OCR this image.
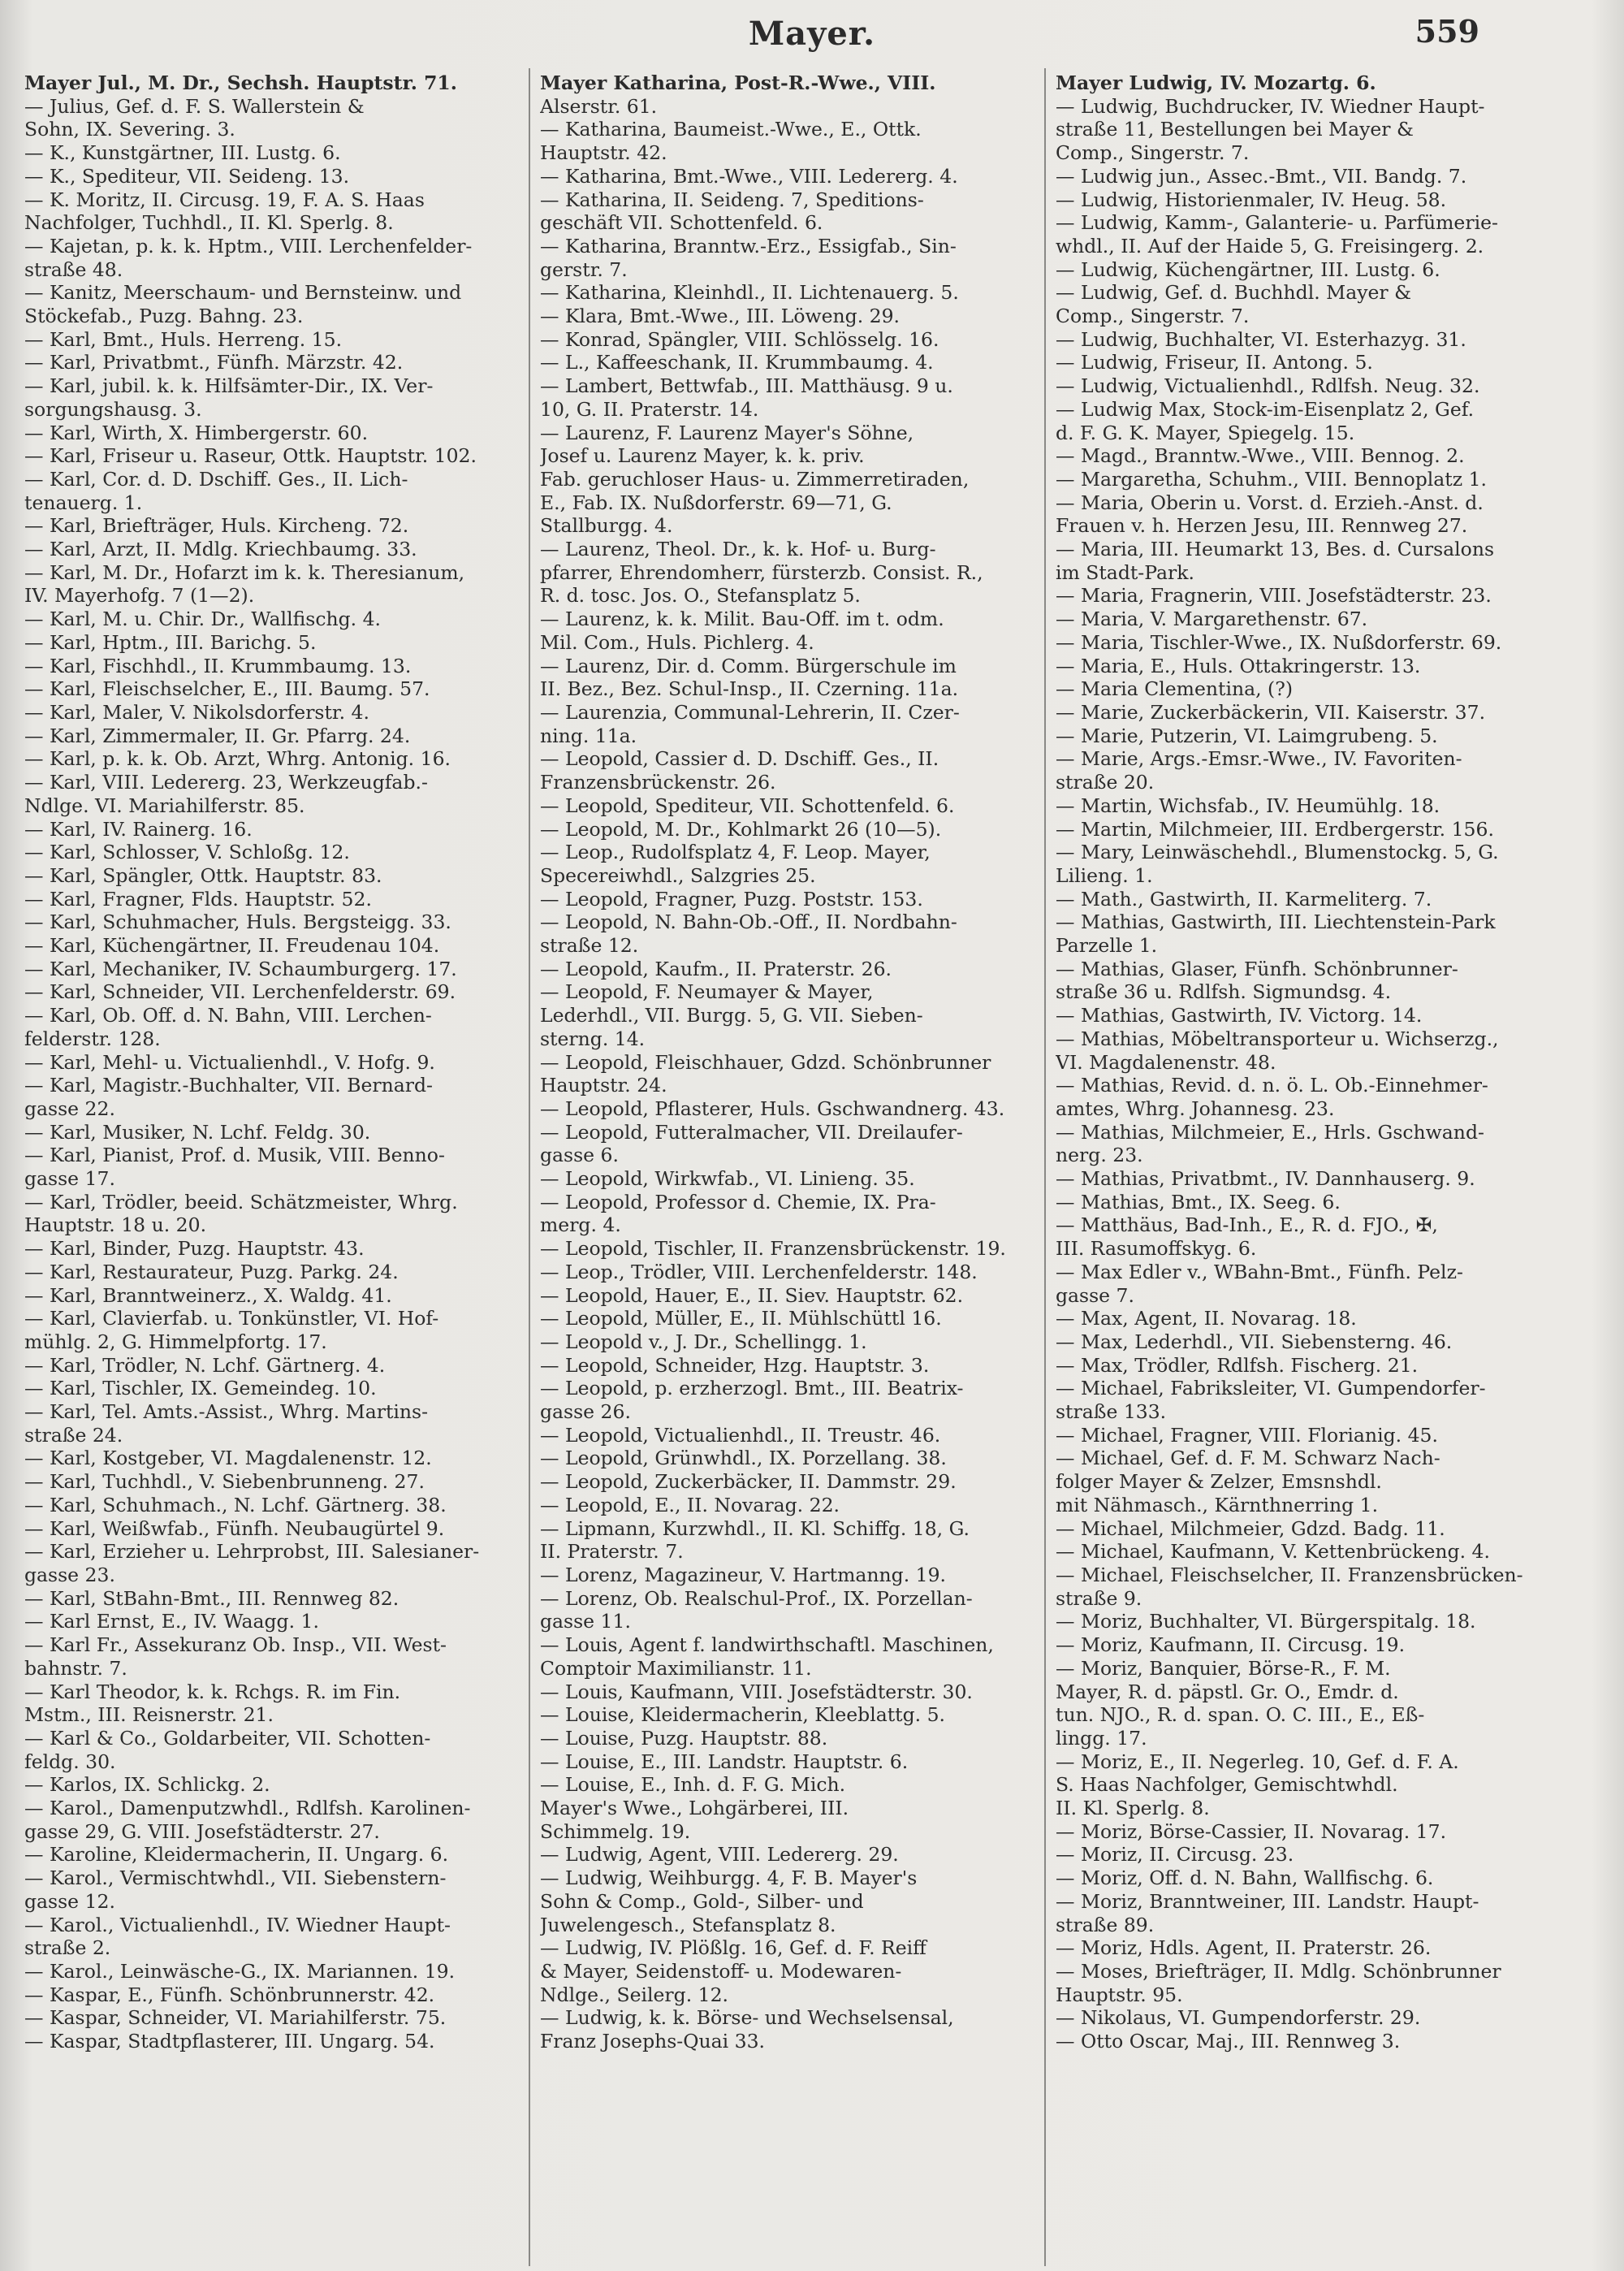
Mayer.	559
Mayer Jul., M. Dr., Sechsh. Hauptstr. 71.
— Julius, Gef. d. F. S. Wallerstein &
Sohn, IX. Severing. 3.
— K., Kunstgärtner, III. Lustg. 6.
— K., Spediteur, VII. Seideng. 13.
— K. Moritz, II. Circusg. 19, F. A. S. Haas
Nachfolger, Tuchhdl., II. Kl. Sperlg. 8.
— Kajetan, p. k. k. Hptm., VIII. Lerchenfelder-
straße 48.
— Kanitz, Meerschaum- und Bernsteinw. und
Stöckefab., Puzg. Bahng. 23.
— Karl, Bmt., Huls. Herreng. 15.
— Karl, Privatbmt., Fünfh. Märzstr. 42.
— Karl, jubil. k. k. Hilfsämter-Dir., IX. Ver-
sorgungshausg. 3.
— Karl, Wirth, X. Himbergerstr. 60.
— Karl, Friseur u. Raseur, Ottk. Hauptstr. 102.
— Karl, Cor. d. D. Dschiff. Ges., II. Lich-
tenauerg. 1.
— Karl, Briefträger, Huls. Kircheng. 72.
— Karl, Arzt, II. Mdlg. Kriechbaumg. 33.
— Karl, M. Dr., Hofarzt im k. k. Theresianum,
IV. Mayerhofg. 7 (1—2).
— Karl, M. u. Chir. Dr., Wallfischg. 4.
— Karl, Hptm., III. Barichg. 5.
— Karl, Fischhdl., II. Krummbaumg. 13.
— Karl, Fleischselcher, E., III. Baumg. 57.
— Karl, Maler, V. Nikolsdorferstr. 4.
— Karl, Zimmermaler, II. Gr. Pfarrg. 24.
— Karl, p. k. k. Ob. Arzt, Whrg. Antonig. 16.
— Karl, VIII. Ledererg. 23, Werkzeugfab.-
Ndlge. VI. Mariahilferstr. 85.
— Karl, IV. Rainerg. 16.
— Karl, Schlosser, V. Schloßg. 12.
— Karl, Spängler, Ottk. Hauptstr. 83.
— Karl, Fragner, Flds. Hauptstr. 52.
— Karl, Schuhmacher, Huls. Bergsteigg. 33.
— Karl, Küchengärtner, II. Freudenau 104.
— Karl, Mechaniker, IV. Schaumburgerg. 17.
— Karl, Schneider, VII. Lerchenfelderstr. 69.
— Karl, Ob. Off. d. N. Bahn, VIII. Lerchen-
felderstr. 128.
— Karl, Mehl- u. Victualienhdl., V. Hofg. 9.
— Karl, Magistr.-Buchhalter, VII. Bernard-
gasse 22.
— Karl, Musiker, N. Lchf. Feldg. 30.
— Karl, Pianist, Prof. d. Musik, VIII. Benno-
gasse 17.
— Karl, Trödler, beeid. Schätzmeister, Whrg.
Hauptstr. 18 u. 20.
— Karl, Binder, Puzg. Hauptstr. 43.
— Karl, Restaurateur, Puzg. Parkg. 24.
— Karl, Branntweinerz., X. Waldg. 41.
— Karl, Clavierfab. u. Tonkünstler, VI. Hof-
mühlg. 2, G. Himmelpfortg. 17.
— Karl, Trödler, N. Lchf. Gärtnerg. 4.
— Karl, Tischler, IX. Gemeindeg. 10.
— Karl, Tel. Amts.-Assist., Whrg. Martins-
straße 24.
— Karl, Kostgeber, VI. Magdalenenstr. 12.
— Karl, Tuchhdl., V. Siebenbrunneng. 27.
— Karl, Schuhmach., N. Lchf. Gärtnerg. 38.
— Karl, Weißwfab., Fünfh. Neubaugürtel 9.
— Karl, Erzieher u. Lehrprobst, III. Salesianer-
gasse 23.
— Karl, StBahn-Bmt., III. Rennweg 82.
— Karl Ernst, E., IV. Waagg. 1.
— Karl Fr., Assekuranz Ob. Insp., VII. West-
bahnstr. 7.
— Karl Theodor, k. k. Rchgs. R. im Fin.
Mstm., III. Reisnerstr. 21.
— Karl & Co., Goldarbeiter, VII. Schotten-
feldg. 30.
— Karlos, IX. Schlickg. 2.
— Karol., Damenputzwhdl., Rdlfsh. Karolinen-
gasse 29, G. VIII. Josefstädterstr. 27.
— Karoline, Kleidermacherin, II. Ungarg. 6.
— Karol., Vermischtwhdl., VII. Siebenstern-
gasse 12.
— Karol., Victualienhdl., IV. Wiedner Haupt-
straße 2.
— Karol., Leinwäsche-G., IX. Mariannen. 19.
— Kaspar, E., Fünfh. Schönbrunnerstr. 42.
— Kaspar, Schneider, VI. Mariahilferstr. 75.
— Kaspar, Stadtpflasterer, III. Ungarg. 54.
Mayer Katharina, Post-R.-Wwe., VIII.
Alserstr. 61.
— Katharina, Baumeist.-Wwe., E., Ottk.
Hauptstr. 42.
— Katharina, Bmt.-Wwe., VIII. Ledererg. 4.
— Katharina, II. Seideng. 7, Speditions-
geschäft VII. Schottenfeld. 6.
— Katharina, Branntw.-Erz., Essigfab., Sin-
gerstr. 7.
— Katharina, Kleinhdl., II. Lichtenauerg. 5.
— Klara, Bmt.-Wwe., III. Löweng. 29.
— Konrad, Spängler, VIII. Schlösselg. 16.
— L., Kaffeeschank, II. Krummbaumg. 4.
— Lambert, Bettwfab., III. Matthäusg. 9 u.
10, G. II. Praterstr. 14.
— Laurenz, F. Laurenz Mayer's Söhne,
Josef u. Laurenz Mayer, k. k. priv.
Fab. geruchloser Haus- u. Zimmerretiraden,
E., Fab. IX. Nußdorferstr. 69—71, G.
Stallburgg. 4.
— Laurenz, Theol. Dr., k. k. Hof- u. Burg-
pfarrer, Ehrendomherr, fürsterzb. Consist. R.,
R. d. tosc. Jos. O., Stefansplatz 5.
— Laurenz, k. k. Milit. Bau-Off. im t. odm.
Mil. Com., Huls. Pichlerg. 4.
— Laurenz, Dir. d. Comm. Bürgerschule im
II. Bez., Bez. Schul-Insp., II. Czerning. 11a.
— Laurenzia, Communal-Lehrerin, II. Czer-
ning. 11a.
— Leopold, Cassier d. D. Dschiff. Ges., II.
Franzensbrückenstr. 26.
— Leopold, Spediteur, VII. Schottenfeld. 6.
— Leopold, M. Dr., Kohlmarkt 26 (10—5).
— Leop., Rudolfsplatz 4, F. Leop. Mayer,
Specereiwhdl., Salzgries 25.
— Leopold, Fragner, Puzg. Poststr. 153.
— Leopold, N. Bahn-Ob.-Off., II. Nordbahn-
straße 12.
— Leopold, Kaufm., II. Praterstr. 26.
— Leopold, F. Neumayer & Mayer,
Lederhdl., VII. Burgg. 5, G. VII. Sieben-
sterng. 14.
— Leopold, Fleischhauer, Gdzd. Schönbrunner
Hauptstr. 24.
— Leopold, Pflasterer, Huls. Gschwandnerg. 43.
— Leopold, Futteralmacher, VII. Dreilaufer-
gasse 6.
— Leopold, Wirkwfab., VI. Linieng. 35.
— Leopold, Professor d. Chemie, IX. Pra-
merg. 4.
— Leopold, Tischler, II. Franzensbrückenstr. 19.
— Leop., Trödler, VIII. Lerchenfelderstr. 148.
— Leopold, Hauer, E., II. Siev. Hauptstr. 62.
— Leopold, Müller, E., II. Mühlschüttl 16.
— Leopold v., J. Dr., Schellingg. 1.
— Leopold, Schneider, Hzg. Hauptstr. 3.
— Leopold, p. erzherzogl. Bmt., III. Beatrix-
gasse 26.
— Leopold, Victualienhdl., II. Treustr. 46.
— Leopold, Grünwhdl., IX. Porzellang. 38.
— Leopold, Zuckerbäcker, II. Dammstr. 29.
— Leopold, E., II. Novarag. 22.
— Lipmann, Kurzwhdl., II. Kl. Schiffg. 18, G.
II. Praterstr. 7.
— Lorenz, Magazineur, V. Hartmanng. 19.
— Lorenz, Ob. Realschul-Prof., IX. Porzellan-
gasse 11.
— Louis, Agent f. landwirthschaftl. Maschinen,
Comptoir Maximilianstr. 11.
— Louis, Kaufmann, VIII. Josefstädterstr. 30.
— Louise, Kleidermacherin, Kleeblattg. 5.
— Louise, Puzg. Hauptstr. 88.
— Louise, E., III. Landstr. Hauptstr. 6.
— Louise, E., Inh. d. F. G. Mich.
Mayer's Wwe., Lohgärberei, III.
Schimmelg. 19.
— Ludwig, Agent, VIII. Ledererg. 29.
— Ludwig, Weihburgg. 4, F. B. Mayer's
Sohn & Comp., Gold-, Silber- und
Juwelengesch., Stefansplatz 8.
— Ludwig, IV. Plößlg. 16, Gef. d. F. Reiff
& Mayer, Seidenstoff- u. Modewaren-
Ndlge., Seilerg. 12.
— Ludwig, k. k. Börse- und Wechselsensal,
Franz Josephs-Quai 33.
Mayer Ludwig, IV. Mozartg. 6.
— Ludwig, Buchdrucker, IV. Wiedner Haupt-
straße 11, Bestellungen bei Mayer &
Comp., Singerstr. 7.
— Ludwig jun., Assec.-Bmt., VII. Bandg. 7.
— Ludwig, Historienmaler, IV. Heug. 58.
— Ludwig, Kamm-, Galanterie- u. Parfümerie-
whdl., II. Auf der Haide 5, G. Freisingerg. 2.
— Ludwig, Küchengärtner, III. Lustg. 6.
— Ludwig, Gef. d. Buchhdl. Mayer &
Comp., Singerstr. 7.
— Ludwig, Buchhalter, VI. Esterhazyg. 31.
— Ludwig, Friseur, II. Antong. 5.
— Ludwig, Victualienhdl., Rdlfsh. Neug. 32.
— Ludwig Max, Stock-im-Eisenplatz 2, Gef.
d. F. G. K. Mayer, Spiegelg. 15.
— Magd., Branntw.-Wwe., VIII. Bennog. 2.
— Margaretha, Schuhm., VIII. Bennoplatz 1.
— Maria, Oberin u. Vorst. d. Erzieh.-Anst. d.
Frauen v. h. Herzen Jesu, III. Rennweg 27.
— Maria, III. Heumarkt 13, Bes. d. Cursalons
im Stadt-Park.
— Maria, Fragnerin, VIII. Josefstädterstr. 23.
— Maria, V. Margarethenstr. 67.
— Maria, Tischler-Wwe., IX. Nußdorferstr. 69.
— Maria, E., Huls. Ottakringerstr. 13.
— Maria Clementina, (?)
— Marie, Zuckerbäckerin, VII. Kaiserstr. 37.
— Marie, Putzerin, VI. Laimgrubeng. 5.
— Marie, Args.-Emsr.-Wwe., IV. Favoriten-
straße 20.
— Martin, Wichsfab., IV. Heumühlg. 18.
— Martin, Milchmeier, III. Erdbergerstr. 156.
— Mary, Leinwäschehdl., Blumenstockg. 5, G.
Lilieng. 1.
— Math., Gastwirth, II. Karmeliterg. 7.
— Mathias, Gastwirth, III. Liechtenstein-Park
Parzelle 1.
— Mathias, Glaser, Fünfh. Schönbrunner-
straße 36 u. Rdlfsh. Sigmundsg. 4.
— Mathias, Gastwirth, IV. Victorg. 14.
— Mathias, Möbeltransporteur u. Wichserzg.,
VI. Magdalenenstr. 48.
— Mathias, Revid. d. n. ö. L. Ob.-Einnehmer-
amtes, Whrg. Johannesg. 23.
— Mathias, Milchmeier, E., Hrls. Gschwand-
nerg. 23.
— Mathias, Privatbmt., IV. Dannhauserg. 9.
— Mathias, Bmt., IX. Seeg. 6.
— Matthäus, Bad-Inh., E., R. d. FJO., ✠,
III. Rasumoffskyg. 6.
— Max Edler v., WBahn-Bmt., Fünfh. Pelz-
gasse 7.
— Max, Agent, II. Novarag. 18.
— Max, Lederhdl., VII. Siebensterng. 46.
— Max, Trödler, Rdlfsh. Fischerg. 21.
— Michael, Fabriksleiter, VI. Gumpendorfer-
straße 133.
— Michael, Fragner, VIII. Florianig. 45.
— Michael, Gef. d. F. M. Schwarz Nach-
folger Mayer & Zelzer, Emsnshdl.
mit Nähmasch., Kärnthnerring 1.
— Michael, Milchmeier, Gdzd. Badg. 11.
— Michael, Kaufmann, V. Kettenbrückeng. 4.
— Michael, Fleischselcher, II. Franzensbrücken-
straße 9.
— Moriz, Buchhalter, VI. Bürgerspitalg. 18.
— Moriz, Kaufmann, II. Circusg. 19.
— Moriz, Banquier, Börse-R., F. M.
Mayer, R. d. päpstl. Gr. O., Emdr. d.
tun. NJO., R. d. span. O. C. III., E., Eß-
lingg. 17.
— Moriz, E., II. Negerleg. 10, Gef. d. F. A.
S. Haas Nachfolger, Gemischtwhdl.
II. Kl. Sperlg. 8.
— Moriz, Börse-Cassier, II. Novarag. 17.
— Moriz, II. Circusg. 23.
— Moriz, Off. d. N. Bahn, Wallfischg. 6.
— Moriz, Branntweiner, III. Landstr. Haupt-
straße 89.
— Moriz, Hdls. Agent, II. Praterstr. 26.
— Moses, Briefträger, II. Mdlg. Schönbrunner
Hauptstr. 95.
— Nikolaus, VI. Gumpendorferstr. 29.
— Otto Oscar, Maj., III. Rennweg 3.
